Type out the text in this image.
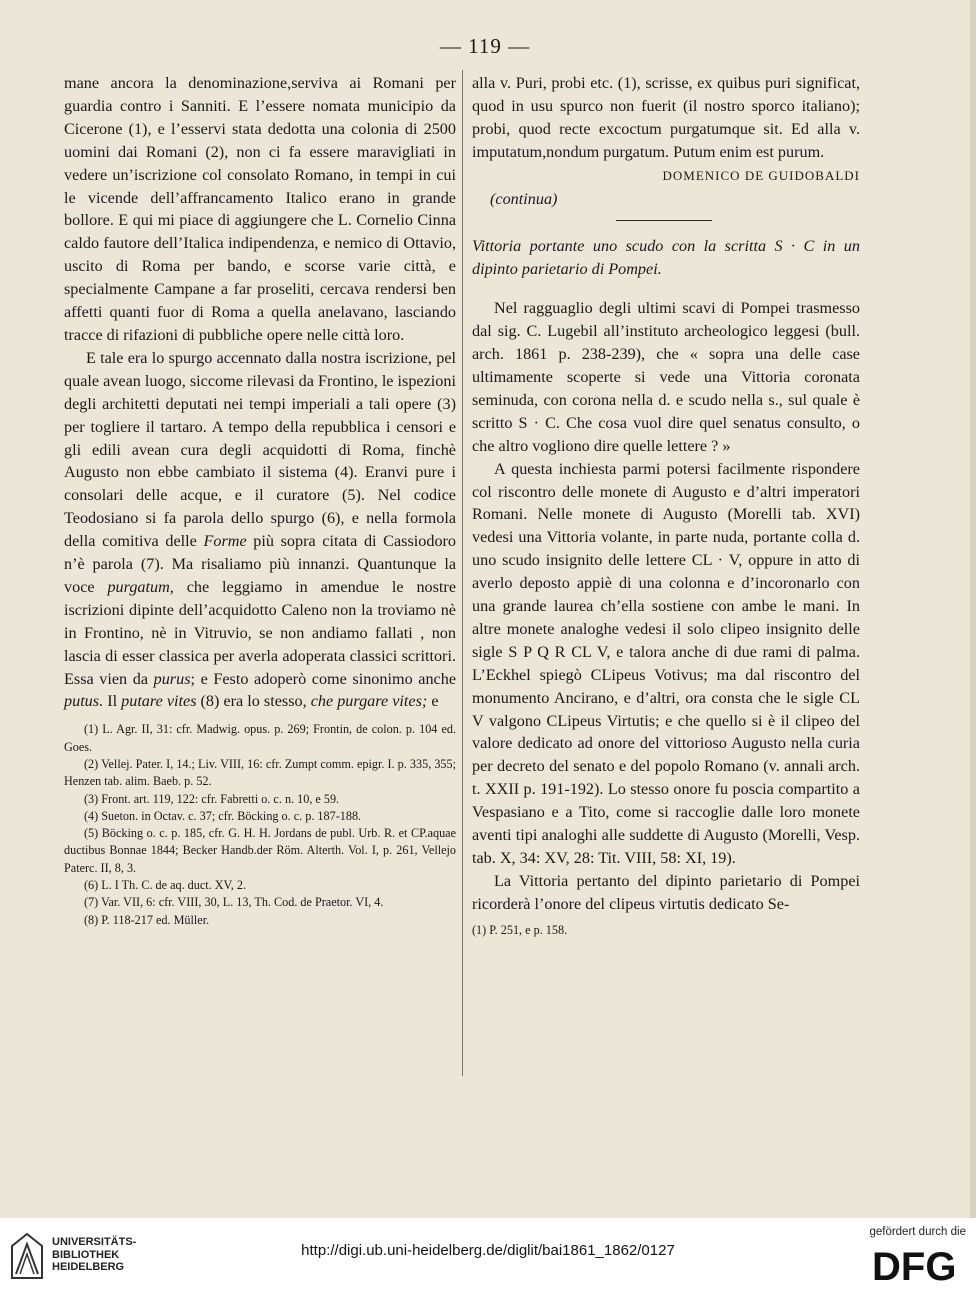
— 119 —

mane ancora la denominazione,serviva ai Romani per guardia contro i Sanniti. E l’essere nomata municipio da Cicerone (1), e l’esservi stata dedotta una colonia di 2500 uomini dai Romani (2), non ci fa essere maravigliati in vedere un’iscrizione col consolato Romano, in tempi in cui le vicende dell’affrancamento Italico erano in grande bollore. E qui mi piace di aggiungere che L. Cornelio Cinna caldo fautore dell’Italica indipendenza, e nemico di Ottavio, uscito di Roma per bando, e scorse varie città, e specialmente Campane a far proseliti, cercava rendersi ben affetti quanti fuor di Roma a quella anelavano, lasciando tracce di rifazioni di pubbliche opere nelle città loro.

E tale era lo spurgo accennato dalla nostra iscrizione, pel quale avean luogo, siccome rilevasi da Frontino, le ispezioni degli architetti deputati nei tempi imperiali a tali opere (3) per togliere il tartaro. A tempo della repubblica i censori e gli edili avean cura degli acquidotti di Roma, finchè Augusto non ebbe cambiato il sistema (4). Eranvi pure i consolari delle acque, e il curatore (5). Nel codice Teodosiano si fa parola dello spurgo (6), e nella formola della comitiva delle Forme più sopra citata di Cassiodoro n’è parola (7). Ma risaliamo più innanzi. Quantunque la voce purgatum, che leggiamo in amendue le nostre iscrizioni dipinte dell’acquidotto Caleno non la troviamo nè in Frontino, nè in Vitruvio, se non andiamo fallati , non lascia di esser classica per averla adoperata classici scrittori. Essa vien da purus; e Festo adoperò come sinonimo anche putus. Il putare vites (8) era lo stesso, che purgare vites; e

(1) L. Agr. II, 31: cfr. Madwig. opus. p. 269; Frontin, de colon. p. 104 ed. Goes.

(2) Vellej. Pater. I, 14.; Liv. VIII, 16: cfr. Zumpt comm. epigr. I. p. 335, 355; Henzen tab. alim. Baeb. p. 52.

(3) Front. art. 119, 122: cfr. Fabretti o. c. n. 10, e 59.

(4) Sueton. in Octav. c. 37; cfr. Böcking o. c. p. 187-188.

(5) Böcking o. c. p. 185, cfr. G. H. H. Jordans de publ. Urb. R. et CP.aquae ductibus Bonnae 1844; Becker Handb.der Röm. Alterth. Vol. I, p. 261, Vellejo Paterc. II, 8, 3.

(6) L. I Th. C. de aq. duct. XV, 2.

(7) Var. VII, 6: cfr. VIII, 30, L. 13, Th. Cod. de Praetor. VI, 4.

(8) P. 118-217 ed. Müller.

alla v. Puri, probi etc. (1), scrisse, ex quibus puri significat, quod in usu spurco non fuerit (il nostro sporco italiano); probi, quod recte excoctum purgatumque sit. Ed alla v. imputatum,nondum purgatum. Putum enim est purum.

DOMENICO DE GUIDOBALDI

(continua)

Vittoria portante uno scudo con la scritta S · C in un dipinto parietario di Pompei.

Nel ragguaglio degli ultimi scavi di Pompei trasmesso dal sig. C. Lugebil all’instituto archeologico leggesi (bull. arch. 1861 p. 238-239), che « sopra una delle case ultimamente scoperte si vede una Vittoria coronata seminuda, con corona nella d. e scudo nella s., sul quale è scritto S · C. Che cosa vuol dire quel senatus consulto, o che altro vogliono dire quelle lettere ? »

A questa inchiesta parmi potersi facilmente rispondere col riscontro delle monete di Augusto e d’altri imperatori Romani. Nelle monete di Augusto (Morelli tab. XVI) vedesi una Vittoria volante, in parte nuda, portante colla d. uno scudo insignito delle lettere CL · V, oppure in atto di averlo deposto appiè di una colonna e d’incoronarlo con una grande laurea ch’ella sostiene con ambe le mani. In altre monete analoghe vedesi il solo clipeo insignito delle sigle S P Q R CL V, e talora anche di due rami di palma. L’Eckhel spiegò CLipeus Votivus; ma dal riscontro del monumento Ancirano, e d’altri, ora consta che le sigle CL V valgono CLipeus Virtutis; e che quello si è il clipeo del valore dedicato ad onore del vittorioso Augusto nella curia per decreto del senato e del popolo Romano (v. annali arch. t. XXII p. 191-192). Lo stesso onore fu poscia compartito a Vespasiano e a Tito, come si raccoglie dalle loro monete aventi tipi analoghi alle suddette di Augusto (Morelli, Vesp. tab. X, 34: XV, 28: Tit. VIII, 58: XI, 19).

La Vittoria pertanto del dipinto parietario di Pompei ricorderà l’onore del clipeus virtutis dedicato Se-

(1) P. 251, e p. 158.

UNIVERSITÄTS-
BIBLIOTHEK
HEIDELBERG
http://digi.ub.uni-heidelberg.de/diglit/bai1861_1862/0127
gefördert durch die
DFG
